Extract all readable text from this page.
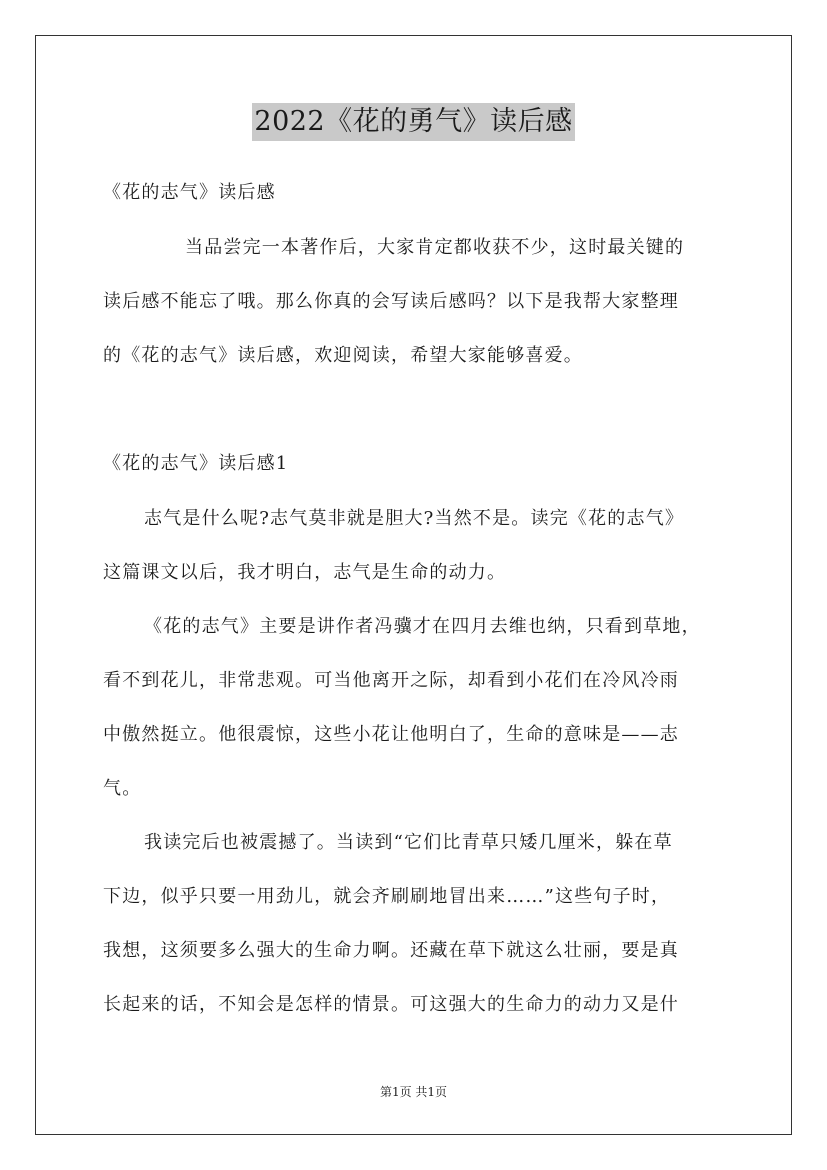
2022《花的勇气》读后感
《花的志气》读后感
当品尝完一本著作后，大家肯定都收获不少，这时最关键的
读后感不能忘了哦。那么你真的会写读后感吗？以下是我帮大家整理
的《花的志气》读后感，欢迎阅读，希望大家能够喜爱。
《花的志气》读后感1
志气是什么呢?志气莫非就是胆大?当然不是。读完《花的志气》
这篇课文以后，我才明白，志气是生命的动力。
《花的志气》主要是讲作者冯骥才在四月去维也纳，只看到草地，
看不到花儿，非常悲观。可当他离开之际，却看到小花们在冷风冷雨
中傲然挺立。他很震惊，这些小花让他明白了，生命的意味是——志
气。
我读完后也被震撼了。当读到“它们比青草只矮几厘米，躲在草
下边，似乎只要一用劲儿，就会齐刷刷地冒出来……”这些句子时，
我想，这须要多么强大的生命力啊。还藏在草下就这么壮丽，要是真
长起来的话，不知会是怎样的情景。可这强大的生命力的动力又是什
第1页 共1页
